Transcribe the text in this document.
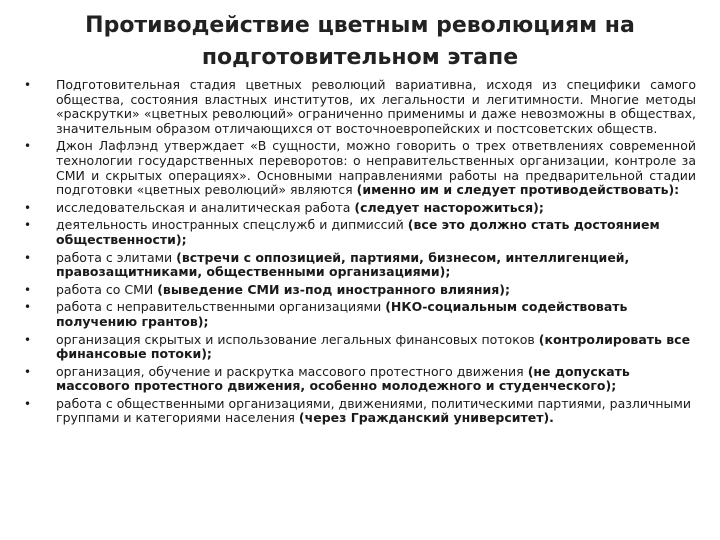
Противодействие цветным революциям на подготовительном этапе
• Подготовительная стадия цветных революций вариативна, исходя из специфики самого общества, состояния властных институтов, их легальности и легитимности. Многие методы «раскрутки» «цветных революций» ограниченно применимы и даже невозможны в обществах, значительным образом отличающихся от восточноевропейских и постсоветских обществ.
• Джон Лафлэнд утверждает «В сущности, можно говорить о трех ответвлениях современной технологии государственных переворотов: о неправительственных организации, контроле за СМИ и скрытых операциях». Основными направлениями работы на предварительной стадии подготовки «цветных революций» являются (именно им и следует противодействовать):
• исследовательская и аналитическая работа (следует насторожиться);
• деятельность иностранных спецслужб и дипмиссий (все это должно стать достоянием общественности);
• работа с элитами (встречи с оппозицией, партиями, бизнесом, интеллигенцией, правозащитниками, общественными организациями);
• работа со СМИ (выведение СМИ из-под иностранного влияния);
• работа с неправительственными организациями (НКО-социальным содействовать получению грантов);
• организация скрытых и использование легальных финансовых потоков (контролировать все финансовые потоки);
• организация, обучение и раскрутка массового протестного движения (не допускать массового протестного движения, особенно молодежного и студенческого);
• работа с общественными организациями, движениями, политическими партиями, различными группами и категориями населения (через Гражданский университет).
